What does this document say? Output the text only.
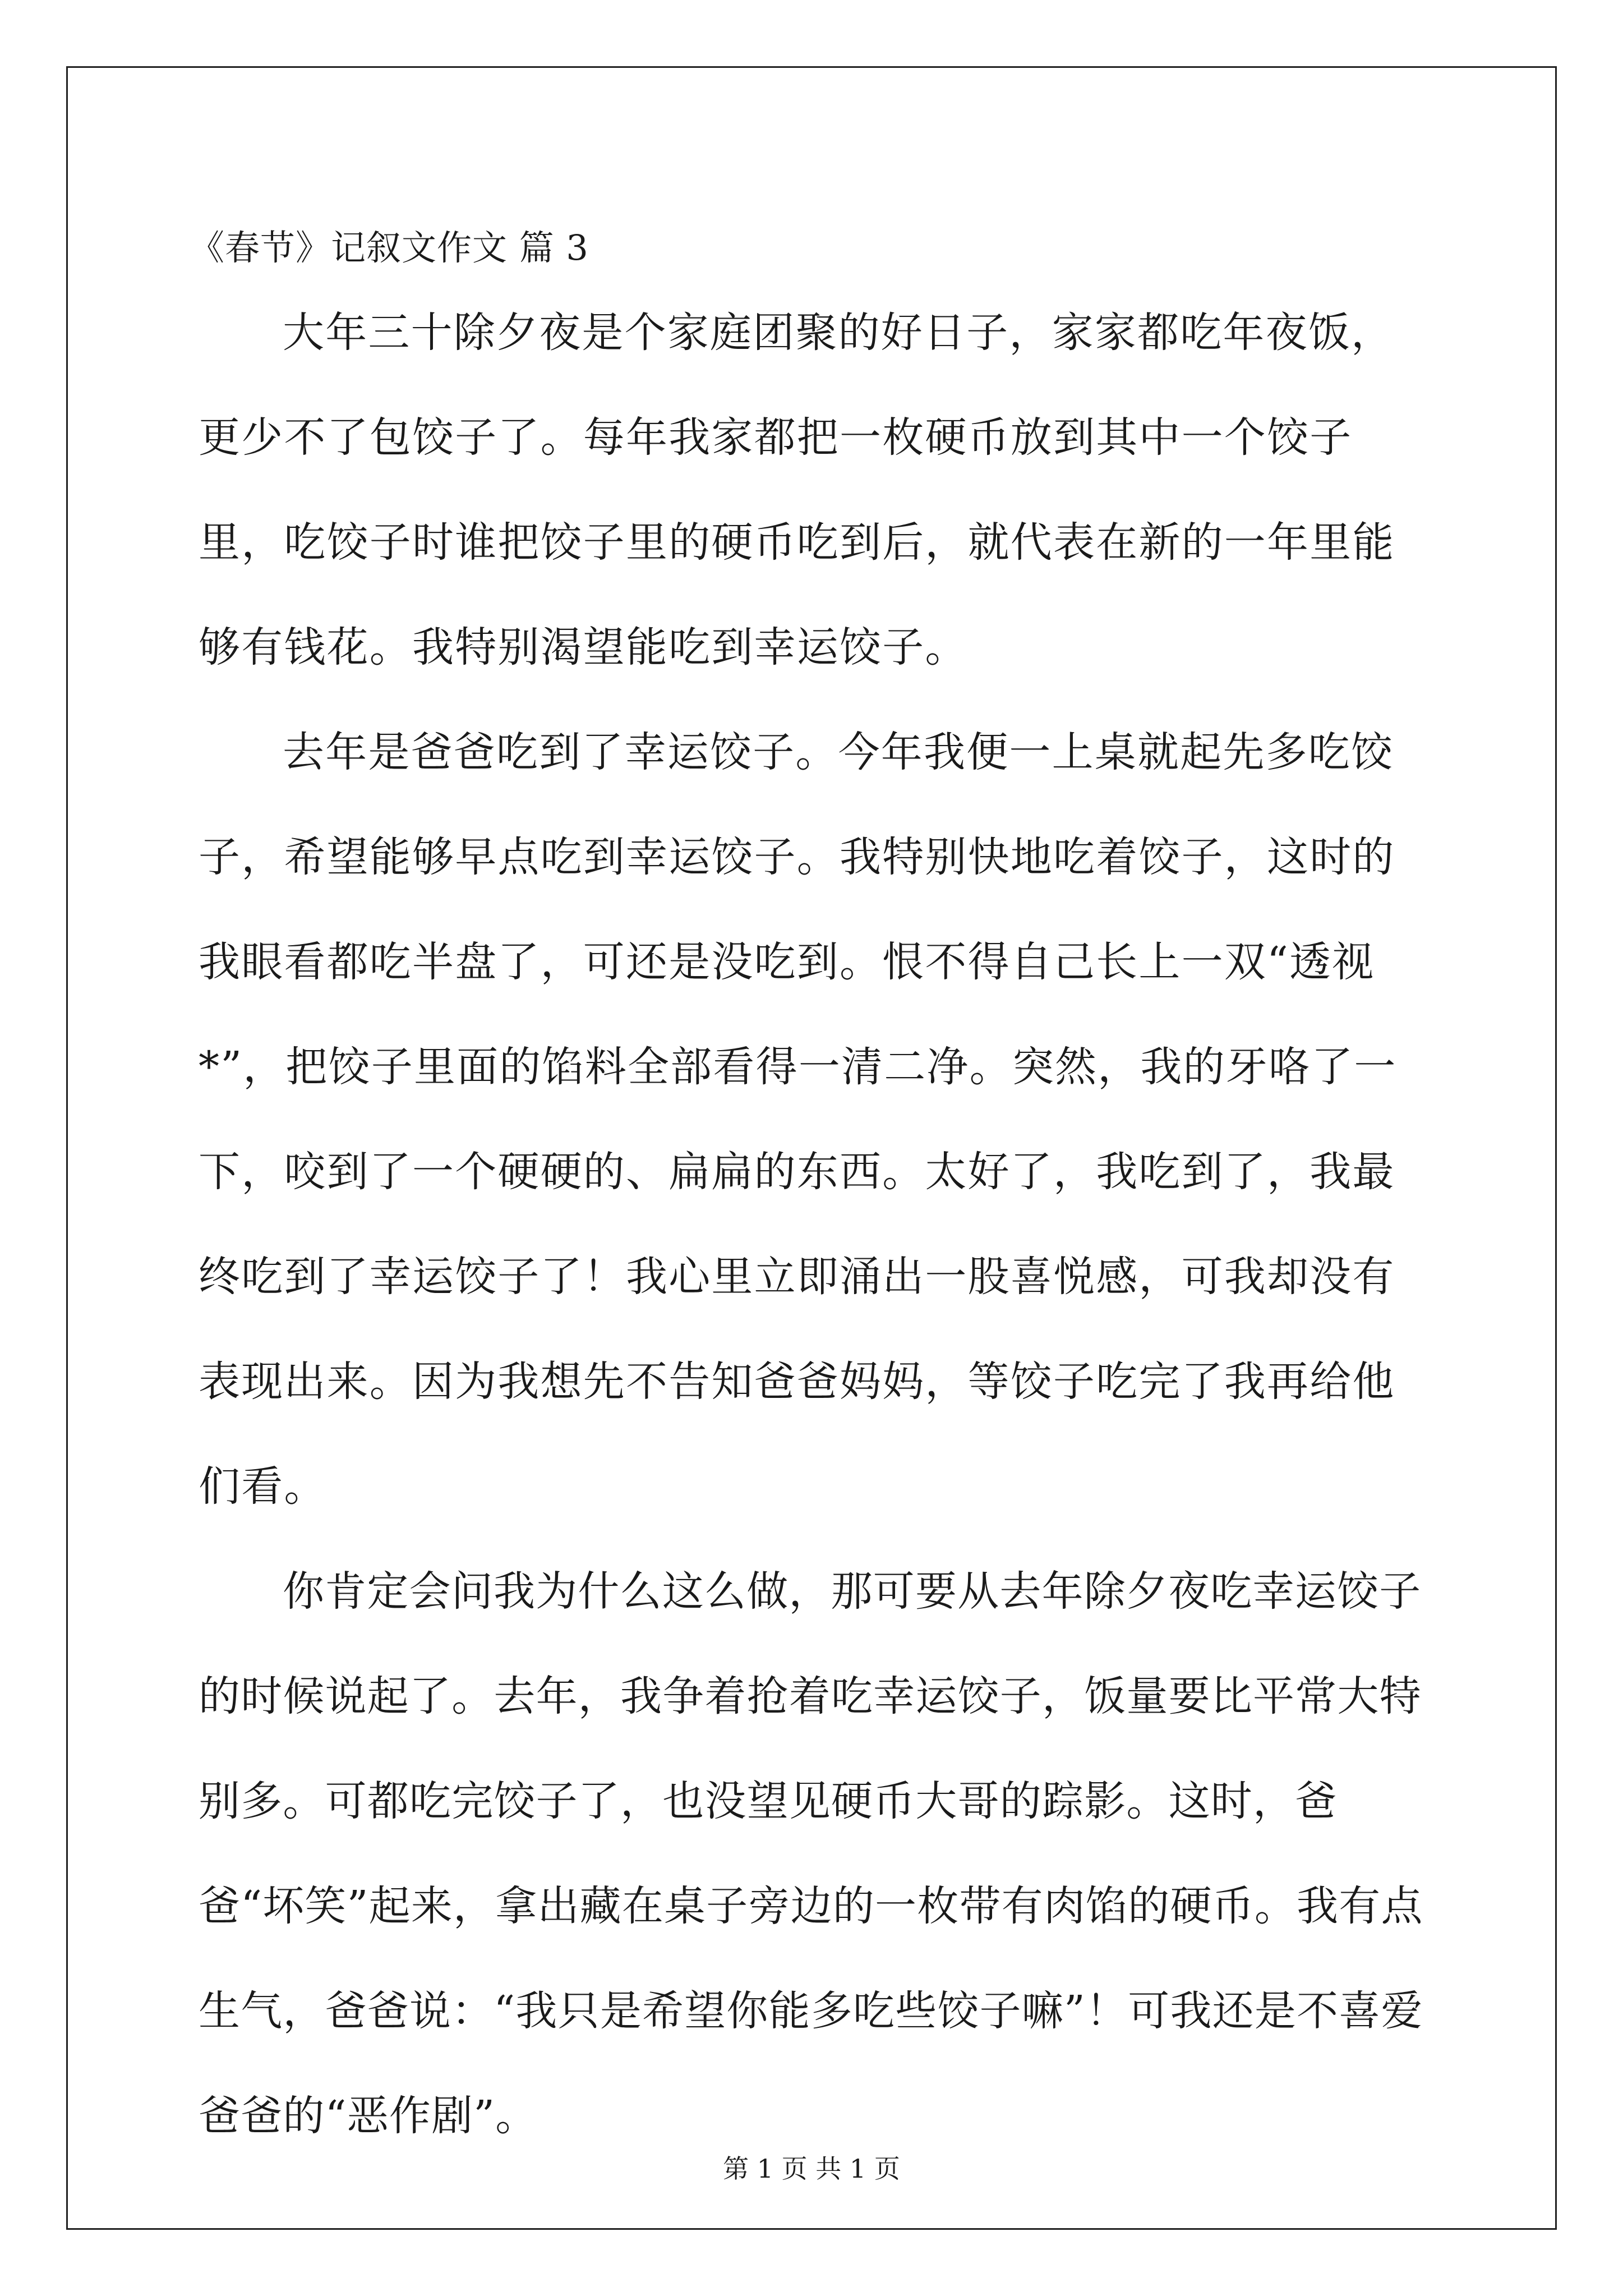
《春节》记叙文作文 篇 3

大年三十除夕夜是个家庭团聚的好日子，家家都吃年夜饭，更少不了包饺子了。每年我家都把一枚硬币放到其中一个饺子里，吃饺子时谁把饺子里的硬币吃到后，就代表在新的一年里能够有钱花。我特别渴望能吃到幸运饺子。

去年是爸爸吃到了幸运饺子。今年我便一上桌就起先多吃饺子，希望能够早点吃到幸运饺子。我特别快地吃着饺子，这时的我眼看都吃半盘了，可还是没吃到。恨不得自己长上一双“透视*”，把饺子里面的馅料全部看得一清二净。突然，我的牙咯了一下，咬到了一个硬硬的、扁扁的东西。太好了，我吃到了，我最终吃到了幸运饺子了！我心里立即涌出一股喜悦感，可我却没有表现出来。因为我想先不告知爸爸妈妈，等饺子吃完了我再给他们看。

你肯定会问我为什么这么做，那可要从去年除夕夜吃幸运饺子的时候说起了。去年，我争着抢着吃幸运饺子，饭量要比平常大特别多。可都吃完饺子了，也没望见硬币大哥的踪影。这时，爸爸“坏笑”起来，拿出藏在桌子旁边的一枚带有肉馅的硬币。我有点生气，爸爸说：“我只是希望你能多吃些饺子嘛”！可我还是不喜爱爸爸的“恶作剧”。

第 1 页 共 1 页
